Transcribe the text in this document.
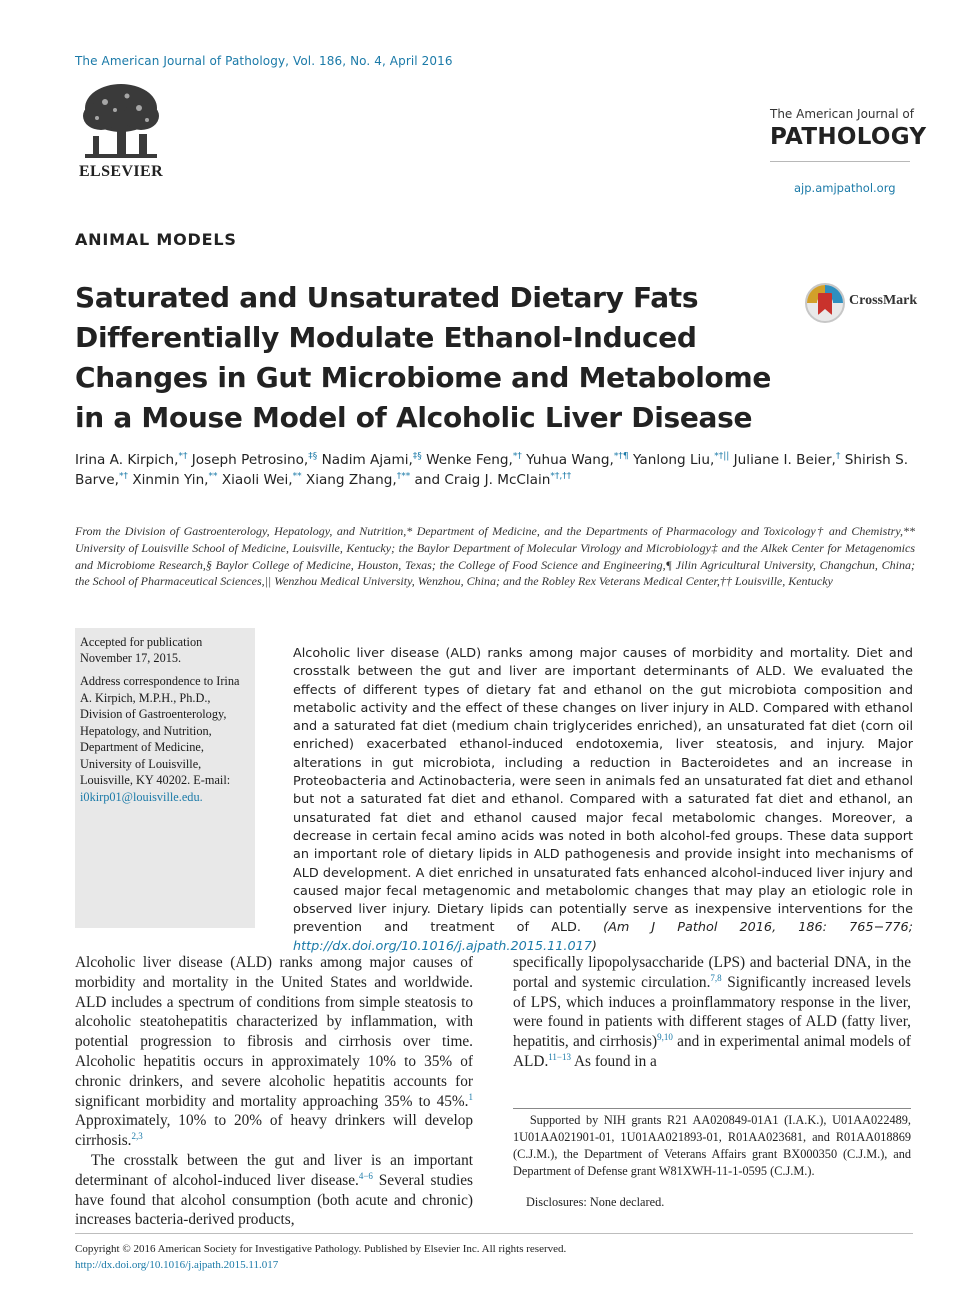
The American Journal of Pathology, Vol. 186, No. 4, April 2016
ELSEVIER
The American Journal of
PATHOLOGY
ajp.amjpathol.org
ANIMAL MODELS
Saturated and Unsaturated Dietary Fats Differentially Modulate Ethanol-Induced Changes in Gut Microbiome and Metabolome in a Mouse Model of Alcoholic Liver Disease
CrossMark
Irina A. Kirpich,*† Joseph Petrosino,‡§ Nadim Ajami,‡§ Wenke Feng,*† Yuhua Wang,*†¶ Yanlong Liu,*†|| Juliane I. Beier,† Shirish S. Barve,*† Xinmin Yin,** Xiaoli Wei,** Xiang Zhang,†** and Craig J. McClain*†,††
From the Division of Gastroenterology, Hepatology, and Nutrition,* Department of Medicine, and the Departments of Pharmacology and Toxicology† and Chemistry,** University of Louisville School of Medicine, Louisville, Kentucky; the Baylor Department of Molecular Virology and Microbiology‡ and the Alkek Center for Metagenomics and Microbiome Research,§ Baylor College of Medicine, Houston, Texas; the College of Food Science and Engineering,¶ Jilin Agricultural University, Changchun, China; the School of Pharmaceutical Sciences,|| Wenzhou Medical University, Wenzhou, China; and the Robley Rex Veterans Medical Center,†† Louisville, Kentucky
Accepted for publication
November 17, 2015.
Address correspondence to Irina A. Kirpich, M.P.H., Ph.D., Division of Gastroenterology, Hepatology, and Nutrition, Department of Medicine, University of Louisville, Louisville, KY 40202. E-mail: i0kirp01@louisville.edu.
Alcoholic liver disease (ALD) ranks among major causes of morbidity and mortality. Diet and crosstalk between the gut and liver are important determinants of ALD. We evaluated the effects of different types of dietary fat and ethanol on the gut microbiota composition and metabolic activity and the effect of these changes on liver injury in ALD. Compared with ethanol and a saturated fat diet (medium chain triglycerides enriched), an unsaturated fat diet (corn oil enriched) exacerbated ethanol-induced endotoxemia, liver steatosis, and injury. Major alterations in gut microbiota, including a reduction in Bacteroidetes and an increase in Proteobacteria and Actinobacteria, were seen in animals fed an unsaturated fat diet and ethanol but not a saturated fat diet and ethanol. Compared with a saturated fat diet and ethanol, an unsaturated fat diet and ethanol caused major fecal metabolomic changes. Moreover, a decrease in certain fecal amino acids was noted in both alcohol-fed groups. These data support an important role of dietary lipids in ALD pathogenesis and provide insight into mechanisms of ALD development. A diet enriched in unsaturated fats enhanced alcohol-induced liver injury and caused major fecal metagenomic and metabolomic changes that may play an etiologic role in observed liver injury. Dietary lipids can potentially serve as inexpensive interventions for the prevention and treatment of ALD. (Am J Pathol 2016, 186: 765−776; http://dx.doi.org/10.1016/j.ajpath.2015.11.017)

Alcoholic liver disease (ALD) ranks among major causes of morbidity and mortality in the United States and worldwide. ALD includes a spectrum of conditions from simple steatosis to alcoholic steatohepatitis characterized by inflammation, with potential progression to fibrosis and cirrhosis over time. Alcoholic hepatitis occurs in approximately 10% to 35% of chronic drinkers, and severe alcoholic hepatitis accounts for significant morbidity and mortality approaching 35% to 45%.$^1$ Approximately, 10% to 20% of heavy drinkers will develop cirrhosis.$^{2,3}$

The crosstalk between the gut and liver is an important determinant of alcohol-induced liver disease.$^{4-6}$ Several studies have found that alcohol consumption (both acute and chronic) increases bacteria-derived products,

specifically lipopolysaccharide (LPS) and bacterial DNA, in the portal and systemic circulation.$^{7,8}$ Significantly increased levels of LPS, which induces a proinflammatory response in the liver, were found in patients with different stages of ALD (fatty liver, hepatitis, and cirrhosis)$^{9,10}$ and in experimental animal models of ALD.$^{11-13}$ As found in a

Supported by NIH grants R21 AA020849-01A1 (I.A.K.), U01AA022489, 1U01AA021901-01, 1U01AA021893-01, R01AA023681, and R01AA018869 (C.J.M.), the Department of Veterans Affairs grant BX000350 (C.J.M.), and Department of Defense grant W81XWH-11-1-0595 (C.J.M.).
Disclosures: None declared.
Copyright © 2016 American Society for Investigative Pathology. Published by Elsevier Inc. All rights reserved.
http://dx.doi.org/10.1016/j.ajpath.2015.11.017
